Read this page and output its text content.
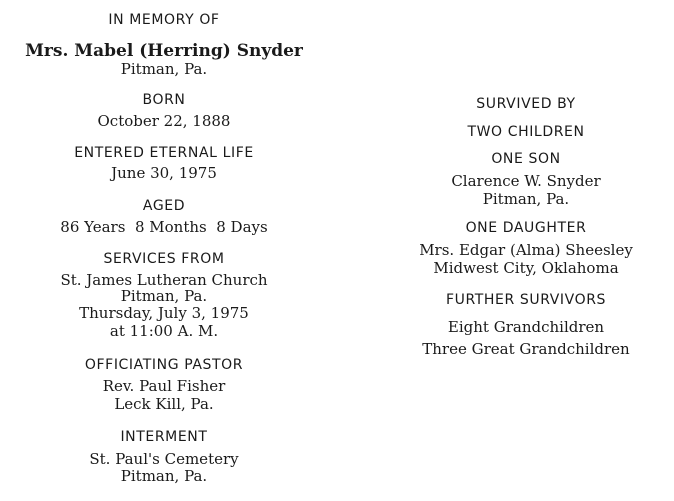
IN MEMORY OF
Mrs. Mabel (Herring) Snyder
Pitman, Pa.
BORN
October 22, 1888
ENTERED ETERNAL LIFE
June 30, 1975
AGED
86 Years  8 Months  8 Days
SERVICES FROM
St. James Lutheran Church
Pitman, Pa.
Thursday, July 3, 1975
at 11:00 A. M.
OFFICIATING PASTOR
Rev. Paul Fisher
Leck Kill, Pa.
INTERMENT
St. Paul's Cemetery
Pitman, Pa.
SURVIVED BY
TWO CHILDREN
ONE SON
Clarence W. Snyder
Pitman, Pa.
ONE DAUGHTER
Mrs. Edgar (Alma) Sheesley
Midwest City, Oklahoma
FURTHER SURVIVORS
Eight Grandchildren
Three Great Grandchildren
